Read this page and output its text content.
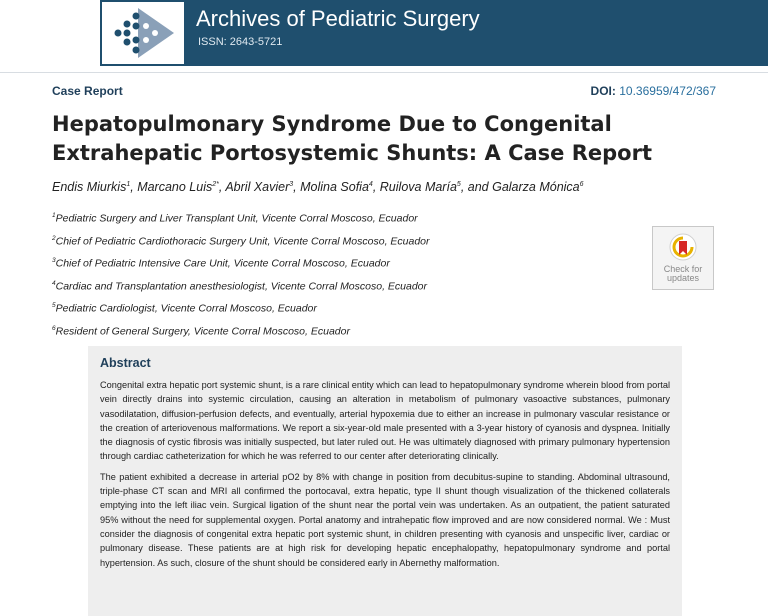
Archives of Pediatric Surgery
ISSN: 2643-5721
Case Report	DOI: 10.36959/472/367
Hepatopulmonary Syndrome Due to Congenital
Extrahepatic Portosystemic Shunts: A Case Report
Endis Miurkis$^1$, Marcano Luis$^{2*}$, Abril Xavier$^3$, Molina Sofia$^4$, Ruilova María$^5$, and Galarza Mónica$^6$
$^1$Pediatric Surgery and Liver Transplant Unit, Vicente Corral Moscoso, Ecuador
$^2$Chief of Pediatric Cardiothoracic Surgery Unit, Vicente Corral Moscoso, Ecuador
$^3$Chief of Pediatric Intensive Care Unit, Vicente Corral Moscoso, Ecuador
$^4$Cardiac and Transplantation anesthesiologist, Vicente Corral Moscoso, Ecuador
$^5$Pediatric Cardiologist, Vicente Corral Moscoso, Ecuador
$^6$Resident of General Surgery, Vicente Corral Moscoso, Ecuador
Check for updates
Abstract

Congenital extra hepatic port systemic shunt, is a rare clinical entity which can lead to hepatopulmonary syndrome wherein blood from portal vein directly drains into systemic circulation, causing an alteration in metabolism of pulmonary vasoactive substances, pulmonary vasodilatation, diffusion-perfusion defects, and eventually, arterial hypoxemia due to either an increase in pulmonary vascular resistance or the creation of arteriovenous malformations. We report a six-year-old male presented with a 3-year history of cyanosis and dyspnea. Initially the diagnosis of cystic fibrosis was initially suspected, but later ruled out. He was ultimately diagnosed with primary pulmonary hypertension through cardiac catheterization for which he was referred to our center after deteriorating clinically.

The patient exhibited a decrease in arterial pO2 by 8% with change in position from decubitus-supine to standing. Abdominal ultrasound, triple-phase CT scan and MRI all confirmed the portocaval, extra hepatic, type II shunt though visualization of the thickened collaterals emptying into the left iliac vein. Surgical ligation of the shunt near the portal vein was undertaken. As an outpatient, the patient saturated 95% without the need for supplemental oxygen. Portal anatomy and intrahepatic flow improved and are now considered normal. We : Must consider the diagnosis of congenital extra hepatic port systemic shunt, in children presenting with cyanosis and unspecific liver, cardiac or pulmonary disease. These patients are at high risk for developing hepatic encephalopathy, hepatopulmonary syndrome and portal hypertension. As such, closure of the shunt should be considered early in Abernethy malformation.
